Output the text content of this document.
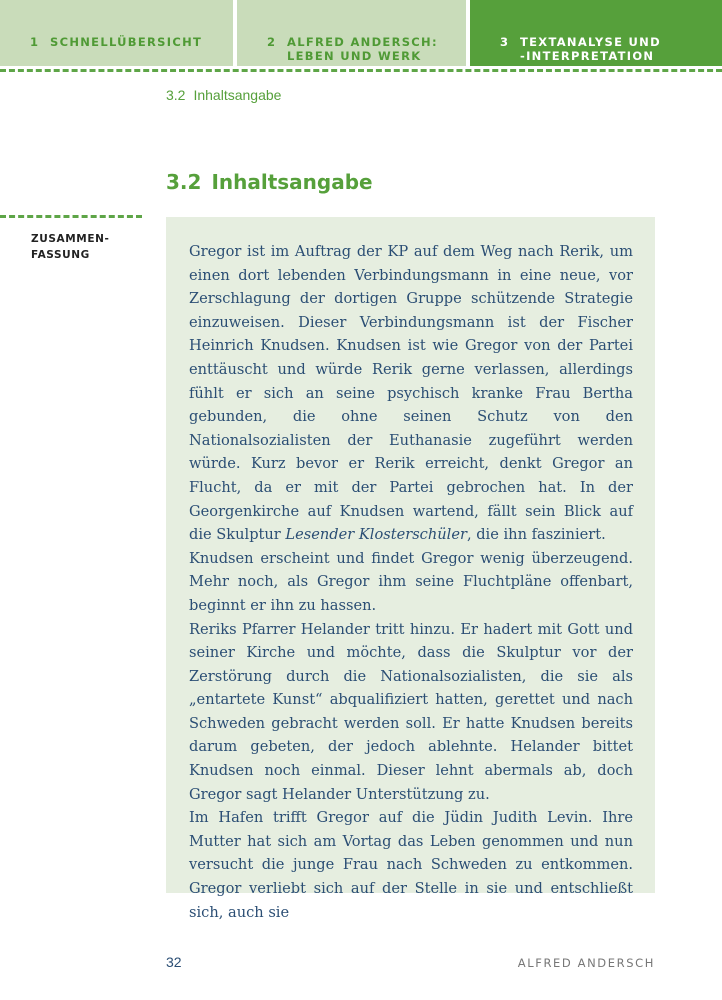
1 SCHNELLÜBERSICHT	2 ALFRED ANDERSCH:
LEBEN UND WERK
3 TEXTANALYSE UND
-INTERPRETATION
3.2 Inhaltsangabe
3.2 Inhaltsangabe
ZUSAMMEN-
FASSUNG	Gregor ist im Auftrag der KP auf dem Weg nach Rerik, um einen dort lebenden Verbindungsmann in eine neue, vor Zerschlagung der dortigen Gruppe schützende Strategie einzuweisen. Dieser Verbindungsmann ist der Fischer Heinrich Knudsen. Knudsen ist wie Gregor von der Partei enttäuscht und würde Rerik gerne verlassen, allerdings fühlt er sich an seine psychisch kranke Frau Bertha gebunden, die ohne seinen Schutz von den Nationalsozialisten der Euthanasie zugeführt werden würde. Kurz bevor er Rerik erreicht, denkt Gregor an Flucht, da er mit der Partei gebrochen hat. In der Georgenkirche auf Knudsen wartend, fällt sein Blick auf die Skulptur Lesender Klosterschüler, die ihn fasziniert.

Knudsen erscheint und findet Gregor wenig überzeugend. Mehr noch, als Gregor ihm seine Fluchtpläne offenbart, beginnt er ihn zu hassen.

Reriks Pfarrer Helander tritt hinzu. Er hadert mit Gott und seiner Kirche und möchte, dass die Skulptur vor der Zerstörung durch die Nationalsozialisten, die sie als „entartete Kunst“ abqualifiziert hatten, gerettet und nach Schweden gebracht werden soll. Er hatte Knudsen bereits darum gebeten, der jedoch ablehnte. Helander bittet Knudsen noch einmal. Dieser lehnt abermals ab, doch Gregor sagt Helander Unterstützung zu.

Im Hafen trifft Gregor auf die Jüdin Judith Levin. Ihre Mutter hat sich am Vortag das Leben genommen und nun versucht die junge Frau nach Schweden zu entkommen. Gregor verliebt sich auf der Stelle in sie und entschließt sich, auch sie

32	ALFRED ANDERSCH
